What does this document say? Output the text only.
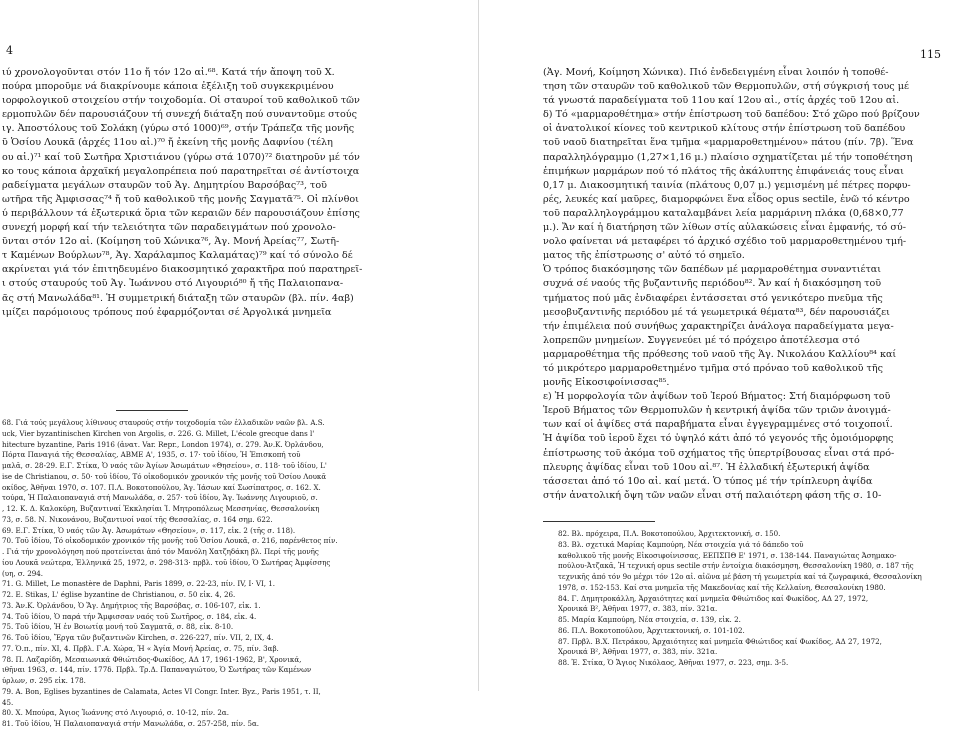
4
ιύ χρονολογοῦνται στόν 11ο ἤ τόν 12ο αἰ.⁶⁸. Κατά τήν ἄποψη τοῦ Χ.
πούρα μποροῦμε νά διακρίνουμε κάποια ἐξέλιξη τοῦ συγκεκριμένου
ιορφολογικοῦ στοιχείου στήν τοιχοδομία. Οἱ σταυροί τοῦ καθολικοῦ τῶν
ερμοπυλῶν δέν παρουσιάζουν τή συνεχή διάταξη πού συναντοῦμε στούς
ιγ. Ἀποστόλους τοῦ Σολάκη (γύρω στό 1000)⁶⁹, στήν Τράπεζα τῆς μονῆς
ῦ Ὁσίου Λουκᾶ (ἀρχές 11ου αἰ.)⁷⁰ ἤ ἐκείνη τῆς μονῆς Δαφνίου (τέλη
ου αἰ.)⁷¹ καί τοῦ Σωτῆρα Χριστιάνου (γύρω στά 1070)⁷² διατηροῦν μέ τόν
κο τους κάποια ἀρχαϊκή μεγαλοπρέπεια πού παρατηρεῖται σέ ἀντίστοιχα
ραδείγματα μεγάλων σταυρῶν τοῦ Ἁγ. Δημητρίου Βαρσόβας⁷³, τοῦ
ωτῆρα τῆς Ἀμφισσας⁷⁴ ἤ τοῦ καθολικοῦ τῆς μονῆς Σαγματᾶ⁷⁵. Οἱ πλίνθοι
ύ περιβάλλουν τά ἐξωτερικά ὅρια τῶν κεραιῶν δέν παρουσιάζουν ἐπίσης
συνεχή μορφή καί τήν τελειότητα τῶν παραδειγμάτων πού χρονολο-
ῦνται στόν 12ο αἰ. (Κοίμηση τοῦ Χώνικα⁷⁶, Ἁγ. Μονή Ἀρείας⁷⁷, Σωτῆ-
τ Καμένων Βούρλων⁷⁸, Ἁγ. Χαράλαμπος Καλαμάτας)⁷⁹ καί τό σύνολο δέ
ακρίνεται γιά τόν ἐπιτηδευμένο διακοσμητικό χαρακτῆρα πού παρατηρεῖ-
ι στούς σταυρούς τοῦ Ἁγ. Ἰωάννου στό Λιγουριό⁸⁰ ἤ τῆς Παλαιοπανα-
ᾶς στή Μανωλάδα⁸¹. Ἡ συμμετρική διάταξη τῶν σταυρῶν (βλ. πίν. 4αβ)
ιμίζει παρόμοιους τρόπους πού ἐφαρμόζονται σέ Ἀργολικά μνημεῖα
68. Γιά τούς μεγάλους λίθινους σταυρούς στήν τοιχοδομία τῶν ἑλλαδικῶν ναῶν βλ. A.S.
uck, Vier byzantinischen Kirchen von Argolis, σ. 226. G. Millet, L'école grecque dans l'
hitecture byzantine, Paris 1916 (ἀνατ. Var. Repr., London 1974), σ. 279. Ἀν.Κ. Ὀρλάνδου,
Πόρτα Παναγιά τῆς Θεσσαλίας, ΑΒΜΕ Α', 1935, σ. 17· τοῦ ἰδίου, Ἡ Ἐπισκοπή τοῦ
μαλᾶ, σ. 28-29. Ε.Γ. Στίκα, Ὁ ναός τῶν Ἁγίων Ἀσωμάτων «Θησείου», σ. 118· τοῦ ἰδίου, L'
ise de Christianou, σ. 50· τοῦ ἰδίου, Τό οἰκοδομικόν χρονικόν τῆς μονῆς τοῦ Ὁσίου Λουκᾶ
οκίδος, Ἀθῆναι 1970, σ. 107. Π.Λ. Βοκοτοπούλου, Ἁγ. Ἰάσων καί Σωσίπατρος, σ. 162. Χ.
τούρα, Ἡ Παλαιοπαναγιά στή Μανωλάδα, σ. 257· τοῦ ἰδίου, Ἁγ. Ἰωάννης Λιγουριοῦ, σ.
, 12. Κ. Δ. Καλοκύρη, Βυζαντιναί Ἐκκλησίαι Ἱ. Μητροπόλεως Μεσσηνίας, Θεσσαλονίκη
73, σ. 58. Ν. Νικονάνου, Βυζαντινοί ναοί τῆς Θεσσαλίας, σ. 164 σημ. 622.
69. Ε.Γ. Στίκα, Ὁ ναός τῶν Ἁγ. Ἀσωμάτων «Θησείου», σ. 117, εἰκ. 2 (τῆς σ. 118).
70. Τοῦ ἰδίου, Τό οἰκοδομικόν χρονικόν τῆς μονῆς τοῦ Ὁσίου Λουκᾶ, σ. 216, παρένθετος πίν.
. Γιά τήν χρονολόγηση πού προτείνεται ἀπό τόν Μανόλη Χατζηδάκη βλ. Περί τῆς μονῆς
ίου Λουκᾶ νεώτερα, Ἑλληνικά 25, 1972, σ. 298-313· πρβλ. τοῦ ἰδίου, Ὁ Σωτήρας Ἀμφίσσης
(υη, σ. 294.
71. G. Millet, Le monastère de Daphni, Paris 1899, σ. 22-23, πίν. IV, I· VI, 1.
72. Ε. Stikas, L' église byzantine de Christianou, σ. 50 εἰκ. 4, 26.
73. Ἀν.Κ. Ὀρλάνδου, Ὁ Ἅγ. Δημήτριος τῆς Βαρσόβας, σ. 106-107, εἰκ. 1.
74. Τοῦ ἰδίου, Ὁ παρά τήν Ἄμφισσαν ναός τοῦ Σωτῆρος, σ. 184, εἰκ. 4.
75. Τοῦ ἰδίου, Ἡ ἐν Βοιωτίᾳ μονή τοῦ Σαγματᾶ, σ. 88, εἰκ. 8-10.
76. Τοῦ ἰδίου, Ἔργα τῶν βυζαντινῶν Kirchen, σ. 226-227, πίν. VII, 2, IX, 4.
77. Ὁ.π., πίν. XI, 4. Πρβλ. Γ.Α. Χώρα, Ἡ « Ἁγία Μονή Ἀρείας, σ. 75, πίν. 3αβ.
78. Π. Λαζαρίδη, Μεσαιωνικά Φθιώτιδος-Φωκίδος, ΑΔ 17, 1961-1962, Β', Χρονικά,
ιθῆναι 1963, σ. 144, πίν. 177δ. Πρβλ. Τρ.Δ. Παπαναγιώτου, Ὁ Σωτήρας τῶν Καμένων
ύρλων, σ. 295 εἰκ. 178.
79. A. Bon, Eglises byzantines de Calamata, Actes VI Congr. Inter. Byz., Paris 1951, τ. II,
45.
80. Χ. Μπούρα, Ἁγιος Ἰωάννης στό Λιγουριό, σ. 10-12, πίν. 2α.
81. Τοῦ ἰδίου, Ἡ Παλαιοπαναγιά στήν Μανωλάδα, σ. 257-258, πίν. 5α.
115
(Ἁγ. Μονή, Κοίμηση Χώνικα). Πιό ἐνδεδειγμένη εἶναι λοιπόν ἡ τοποθέ-
τηση τῶν σταυρῶν τοῦ καθολικοῦ τῶν Θερμοπυλῶν, στή σύγκρισή τους μέ
τά γνωστά παραδείγματα τοῦ 11ου καί 12ου αἰ., στίς ἀρχές τοῦ 12ου αἰ.
δ) Τό «μαρμαροθέτημα» στήν ἐπίστρωση τοῦ δαπέδου: Στό χῶρο πού βρίζουν
οἱ ἀνατολικοί κίονες τοῦ κεντρικοῦ κλίτους στήν ἐπίστρωση τοῦ δαπέδου
τοῦ ναοῦ διατηρεῖται ἕνα τμῆμα «μαρμαροθετημένου» πάτου (πίν. 7β). Ἕνα
παραλληλόγραμμο (1,27×1,16 μ.) πλαίσιο σχηματίζεται μέ τήν τοποθέτηση
ἐπιμήκων μαρμάρων πού τό πλάτος τῆς ἀκάλυπτης ἐπιφάνειάς τους εἶναι
0,17 μ. Διακοσμητική ταινία (πλάτους 0,07 μ.) γεμισμένη μέ πέτρες πορφυ-
ρές, λευκές καί μαῦρες, διαμορφώνει ἕνα εἶδος opus sectile, ἐνῶ τό κέντρο
τοῦ παραλληλογράμμου καταλαμβάνει λεία μαρμάρινη πλάκα (0,68×0,77
μ.). Ἄν καί ἡ διατήρηση τῶν λίθων στίς αὐλακώσεις εἶναι ἐμφανής, τό σύ-
νολο φαίνεται νά μεταφέρει τό ἀρχικό σχέδιο τοῦ μαρμαροθετημένου τμή-
ματος τῆς ἐπίστρωσης σ' αὐτό τό σημεῖο.
Ὁ τρόπος διακόσμησης τῶν δαπέδων μέ μαρμαροθέτημα συναντιέται
συχνά σέ ναούς τῆς βυζαντινῆς περιόδου⁸². Ἄν καί ἡ διακόσμηση τοῦ
τμήματος πού μᾶς ἐνδιαφέρει ἐντάσσεται στό γενικότερο πνεῦμα τῆς
μεσοβυζαντινῆς περιόδου μέ τά γεωμετρικά θέματα⁸³, δέν παρουσιάζει
τήν ἐπιμέλεια πού συνήθως χαρακτηρίζει ἀνάλογα παραδείγματα μεγα-
λοπρεπῶν μνημείων. Συγγενεύει μέ τό πρόχειρο ἀποτέλεσμα στό
μαρμαροθέτημα τῆς πρόθεσης τοῦ ναοῦ τῆς Ἁγ. Νικολάου Καλλίου⁸⁴ καί
τό μικρότερο μαρμαροθετημένο τμῆμα στό πρόναο τοῦ καθολικοῦ τῆς
μονῆς Εἰκοσιφοίνισσας⁸⁵.
ε) Ἡ μορφολογία τῶν ἀψίδων τοῦ Ἱερού Βήματος: Στή διαμόρφωση τοῦ
Ἱεροῦ Βήματος τῶν Θερμοπυλῶν ἡ κεντρική ἀψίδα τῶν τριῶν ἀνοιγμά-
των καί οἱ ἀψίδες στά παραβήματα εἶναι ἐγγεγραμμένες στό τοιχοποιΐ.
Ἡ ἀψίδα τοῦ ἱεροῦ ἔχει τό ὑψηλό κάτι ἀπό τό γεγονός τῆς ὁμοιόμορφης
ἐπίστρωσης τοῦ ἀκόμα τοῦ σχήματος τῆς ὑπερτρίβουσας εἶναι στά πρό-
πλευρης ἀψίδας εἶναι τοῦ 10ου αἰ.⁸⁷. Ἡ ἑλλαδική ἐξωτερική ἀψίδα
τάσσεται ἀπό τό 10ο αἰ. καί μετά. Ὁ τύπος μέ τήν τρίπλευρη ἀψίδα
στήν ἀνατολική ὄψη τῶν ναῶν εἶναι στή παλαιότερη φάση τῆς σ. 10-
82. Βλ. πρόχειρα, Π.Λ. Βοκοτοπούλου, Ἀρχιτεκτονική, σ. 150.
83. Βλ. σχετικά Μαρίας Καμπούρη, Νέα στοιχεία γιά τό δάπεδο τοῦ
καθολικοῦ τῆς μονῆς Εἰκοσιφοίνισσας, ΕΕΠΣΠΘ Ε' 1971, σ. 138-144. Παναγιώτας Ἀσημακο-
πούλου-Ἀτζακᾶ, Ἡ τεχνική opus sectile στήν ἐντοίχια διακόσμηση, Θεσσαλονίκη 1980, σ. 187 τῆς
τεχνικῆς ἀπό τόν 9ο μέχρι τόν 12ο αἰ. αἰῶνα μέ βάση τή γεωμετρία καί τά ζωγραφικά, Θεσσαλονίκη
1978, σ. 152-153. Καί στα μνημεῖα τῆς Μακεδονίας καί τῆς Κελλαίνη, Θεσσαλονίκη 1980.
84. Γ. Δημητροκάλλη, Ἀρχαιότητες καί μνημεῖα Φθιώτιδος καί Φωκίδος, ΑΔ 27, 1972,
Χρονικά Β², Ἀθῆναι 1977, σ. 383, πίν. 321α.
85. Μαρία Καμπούρη, Νέα στοιχεία, σ. 139, εἰκ. 2.
86. Π.Λ. Βοκοτοπούλου, Ἀρχιτεκτονική, σ. 101-102.
87. Πρβλ. Β.Χ. Πετράκου, Ἀρχαιότητες καί μνημεῖα Φθιώτιδος καί Φωκίδος, ΑΔ 27, 1972,
Χρονικά Β², Ἀθῆναι 1977, σ. 383, πίν. 321α.
88. Ἐ. Στίκα, Ὁ Ἅγιος Νικόλαος, Ἀθῆναι 1977, σ. 223, σημ. 3-5.
